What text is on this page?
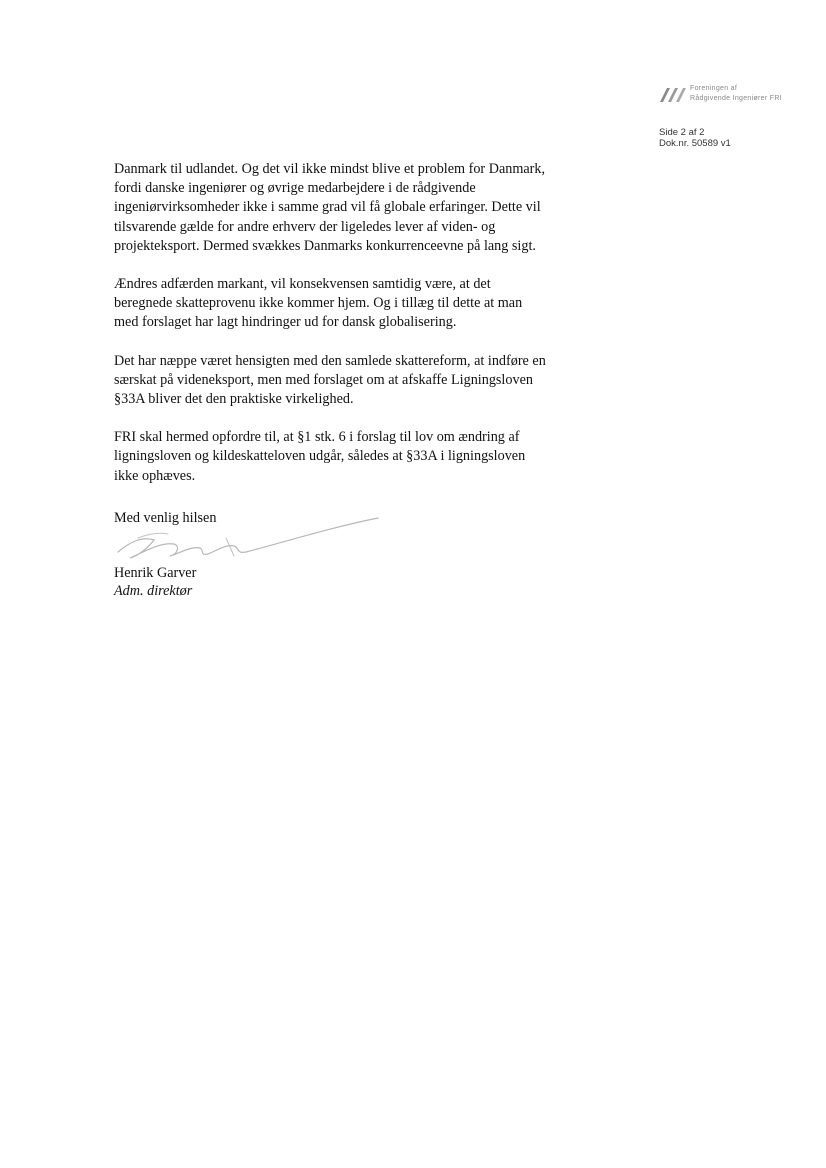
Foreningen af
Rådgivende Ingeniører FRI
Side 2 af 2
Dok.nr. 50589 v1

Danmark til udlandet. Og det vil ikke mindst blive et problem for Danmark,
fordi danske ingeniører og øvrige medarbejdere i de rådgivende
ingeniørvirksomheder ikke i samme grad vil få globale erfaringer. Dette vil
tilsvarende gælde for andre erhverv der ligeledes lever af viden- og
projekteksport. Dermed svækkes Danmarks konkurrenceevne på lang sigt.

Ændres adfærden markant, vil konsekvensen samtidig være, at det
beregnede skatteprovenu ikke kommer hjem. Og i tillæg til dette at man
med forslaget har lagt hindringer ud for dansk globalisering.

Det har næppe været hensigten med den samlede skattereform, at indføre en
særskat på videneksport, men med forslaget om at afskaffe Ligningsloven
§33A bliver det den praktiske virkelighed.

FRI skal hermed opfordre til, at §1 stk. 6 i forslag til lov om ændring af
ligningsloven og kildeskatteloven udgår, således at §33A i ligningsloven
ikke ophæves.

Med venlig hilsen
Henrik Garver
Adm. direktør
